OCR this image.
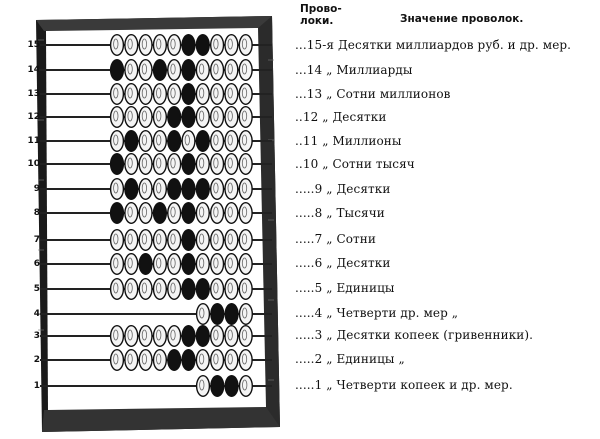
15
14
13
12
11
10
9
8
7
6
5
4
3
2
1
Прово-
локи.	Значение проволок.
...15-я Десятки миллиардов руб. и др. мер.
...14 „ Миллиарды
...13 „ Сотни миллионов
..12 „ Десятки
..11 „ Миллионы
..10 „ Сотни тысяч
.....9 „ Десятки
.....8 „ Тысячи
.....7 „ Сотни
.....6 „ Десятки
.....5 „ Единицы
.....4 „ Четверти др. мер „
.....3 „ Десятки копеек (гривенники).
.....2 „ Единицы „
.....1 „ Четверти копеек и др. мер.
